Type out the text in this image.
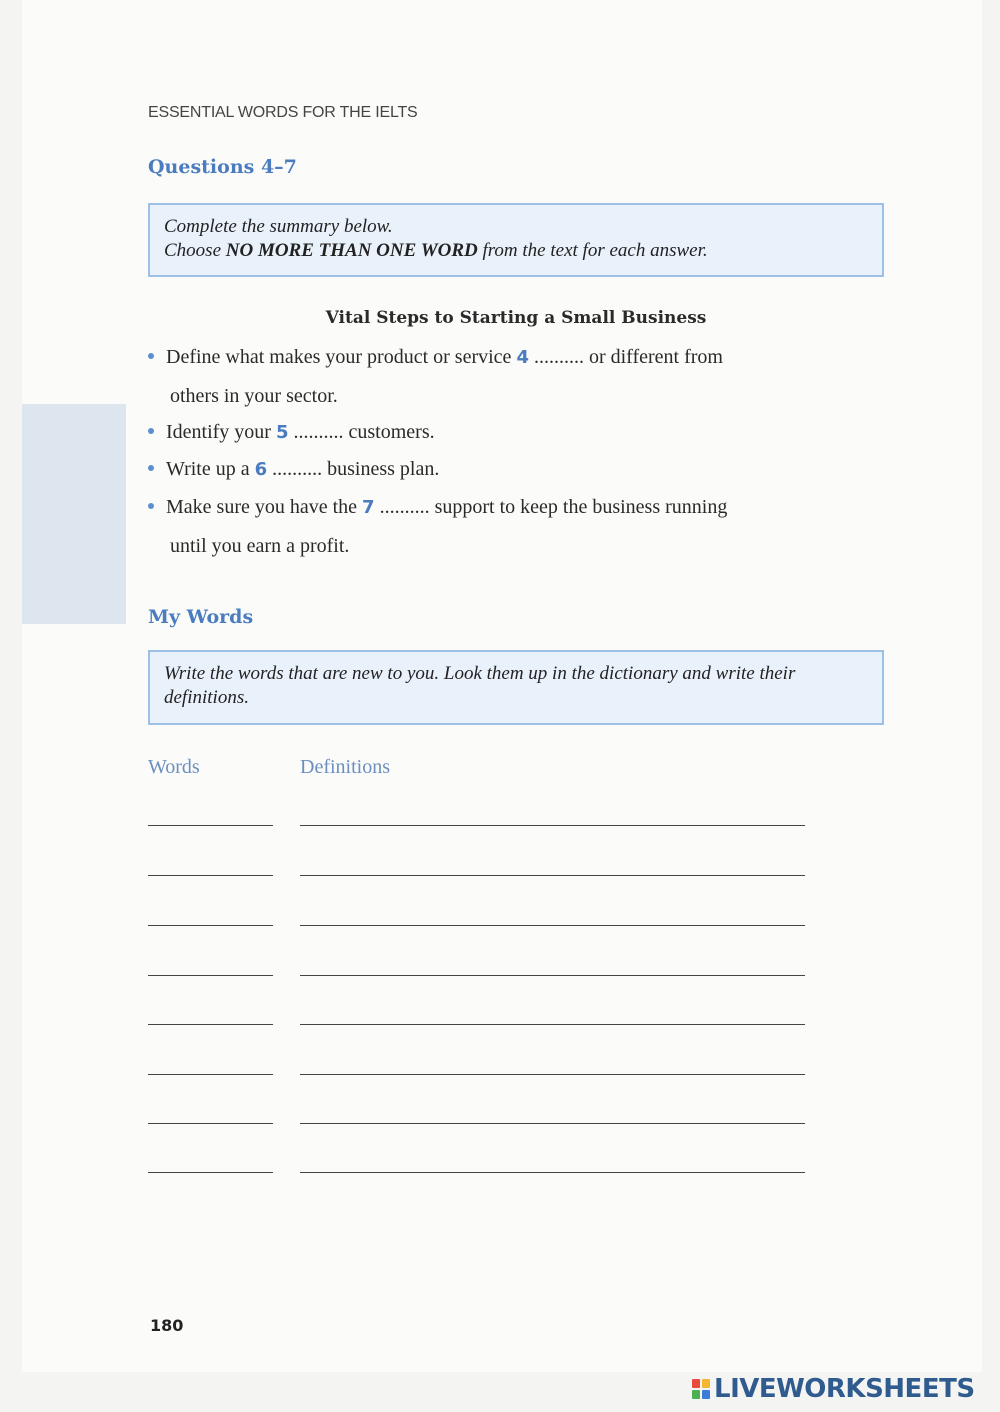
ESSENTIAL WORDS FOR THE IELTS
Questions 4–7
Complete the summary below.
Choose NO MORE THAN ONE WORD from the text for each answer.
Vital Steps to Starting a Small Business
Define what makes your product or service 4 .......... or different from
others in your sector.
Identify your 5 .......... customers.
Write up a 6 .......... business plan.
Make sure you have the 7 .......... support to keep the business running
until you earn a profit.
My Words
Write the words that are new to you. Look them up in the dictionary and write their definitions.
Words	Definitions
180
LIVEWORKSHEETS
